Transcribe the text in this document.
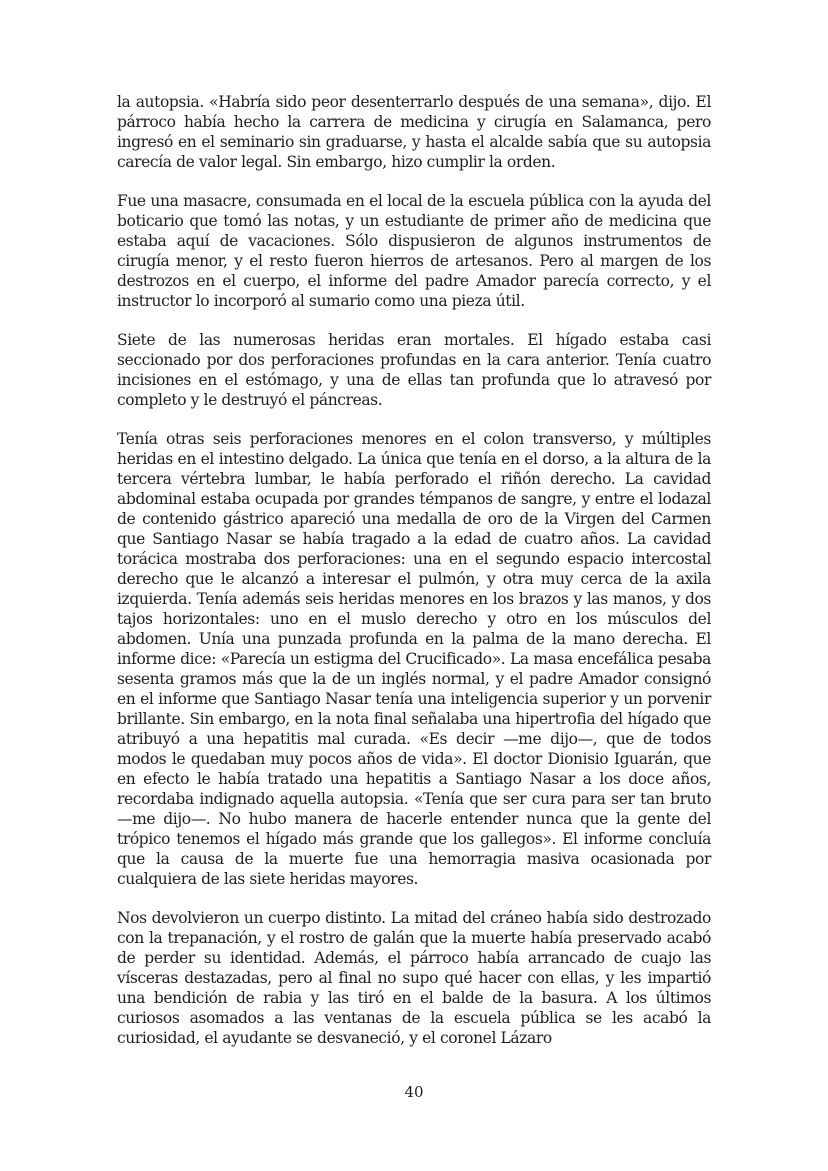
la autopsia. «Habría sido peor desenterrarlo después de una semana», dijo. El párroco había hecho la carrera de medicina y cirugía en Salamanca, pero ingresó en el seminario sin graduarse, y hasta el alcalde sabía que su autopsia carecía de valor legal. Sin embargo, hizo cumplir la orden.

Fue una masacre, consumada en el local de la escuela pública con la ayuda del boticario que tomó las notas, y un estudiante de primer año de medicina que estaba aquí de vacaciones. Sólo dispusieron de algunos instrumentos de cirugía menor, y el resto fueron hierros de artesanos. Pero al margen de los destrozos en el cuerpo, el informe del padre Amador parecía correcto, y el instructor lo incorporó al sumario como una pieza útil.

Siete de las numerosas heridas eran mortales. El hígado estaba casi seccionado por dos perforaciones profundas en la cara anterior. Tenía cuatro incisiones en el estómago, y una de ellas tan profunda que lo atravesó por completo y le destruyó el páncreas.

Tenía otras seis perforaciones menores en el colon transverso, y múltiples heridas en el intestino delgado. La única que tenía en el dorso, a la altura de la tercera vértebra lumbar, le había perforado el riñón derecho. La cavidad abdominal estaba ocupada por grandes témpanos de sangre, y entre el lodazal de contenido gástrico apareció una medalla de oro de la Virgen del Carmen que Santiago Nasar se había tragado a la edad de cuatro años. La cavidad torácica mostraba dos perforaciones: una en el segundo espacio intercostal derecho que le alcanzó a interesar el pulmón, y otra muy cerca de la axila izquierda. Tenía además seis heridas menores en los brazos y las manos, y dos tajos horizontales: uno en el muslo derecho y otro en los músculos del abdomen. Unía una punzada profunda en la palma de la mano derecha. El informe dice: «Parecía un estigma del Crucificado». La masa encefálica pesaba sesenta gramos más que la de un inglés normal, y el padre Amador consignó en el informe que Santiago Nasar tenía una inteligencia superior y un porvenir brillante. Sin embargo, en la nota final señalaba una hipertrofia del hígado que atribuyó a una hepatitis mal curada. «Es decir —me dijo—, que de todos modos le quedaban muy pocos años de vida». El doctor Dionisio Iguarán, que en efecto le había tratado una hepatitis a Santiago Nasar a los doce años, recordaba indignado aquella autopsia. «Tenía que ser cura para ser tan bruto —me dijo—. No hubo manera de hacerle entender nunca que la gente del trópico tenemos el hígado más grande que los gallegos». El informe concluía que la causa de la muerte fue una hemorragia masiva ocasionada por cualquiera de las siete heridas mayores.

Nos devolvieron un cuerpo distinto. La mitad del cráneo había sido destrozado con la trepanación, y el rostro de galán que la muerte había preservado acabó de perder su identidad. Además, el párroco había arrancado de cuajo las vísceras destazadas, pero al final no supo qué hacer con ellas, y les impartió una bendición de rabia y las tiró en el balde de la basura. A los últimos curiosos asomados a las ventanas de la escuela pública se les acabó la curiosidad, el ayudante se desvaneció, y el coronel Lázaro

40
